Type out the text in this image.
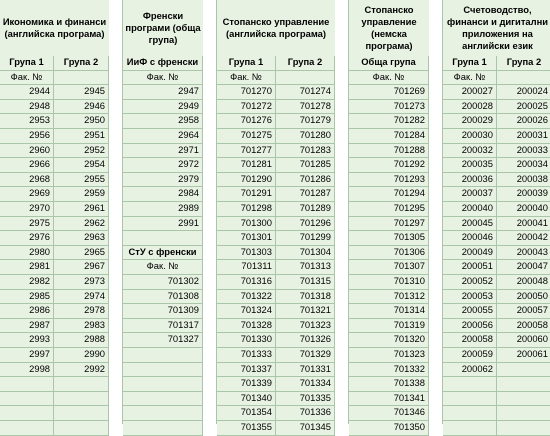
Икономика и финанси (английска програма)
Група 1
Фак. №
2944
2948
2953
2956
2960
2966
2968
2969
2970
2975
2976
2980
2981
2982
2985
2986
2987
2993
2997
2998
Група 2
2945
2946
2950
2951
2952
2954
2955
2959
2961
2962
2963
2965
2967
2973
2974
2978
2983
2988
2990
2992
Френски програми (обща група)
ИиФ с френски
Фак. №
2947
2949
2958
2964
2971
2972
2979
2984
2989
2991
СтУ с френски
Фак. №
701302
701308
701309
701317
701327
Стопанско управление (английска програма)
Група 1
Фак. №
701270
701272
701276
701275
701277
701281
701290
701291
701298
701300
701301
701303
701311
701316
701322
701324
701328
701330
701333
701337
701339
701340
701354
701355
Група 2
701274
701278
701279
701280
701283
701285
701286
701287
701289
701296
701299
701304
701313
701315
701318
701321
701323
701326
701329
701331
701334
701335
701336
701345
Стопанско управление (немска програма)
Обща група
Фак. №
701269
701273
701282
701284
701288
701292
701293
701294
701295
701297
701305
701306
701307
701310
701312
701314
701319
701320
701323
701332
701338
701341
701346
701350
Счетоводство, финанси и дигитални приложения на английски език
Група 1
Фак. №
200027
200028
200029
200030
200032
200035
200036
200037
200040
200045
200046
200049
200051
200052
200053
200055
200056
200058
200059
200062
Група 2
200024
200025
200026
200031
200033
200034
200038
200039
200040
200041
200042
200043
200047
200048
200050
200057
200058
200060
200061
